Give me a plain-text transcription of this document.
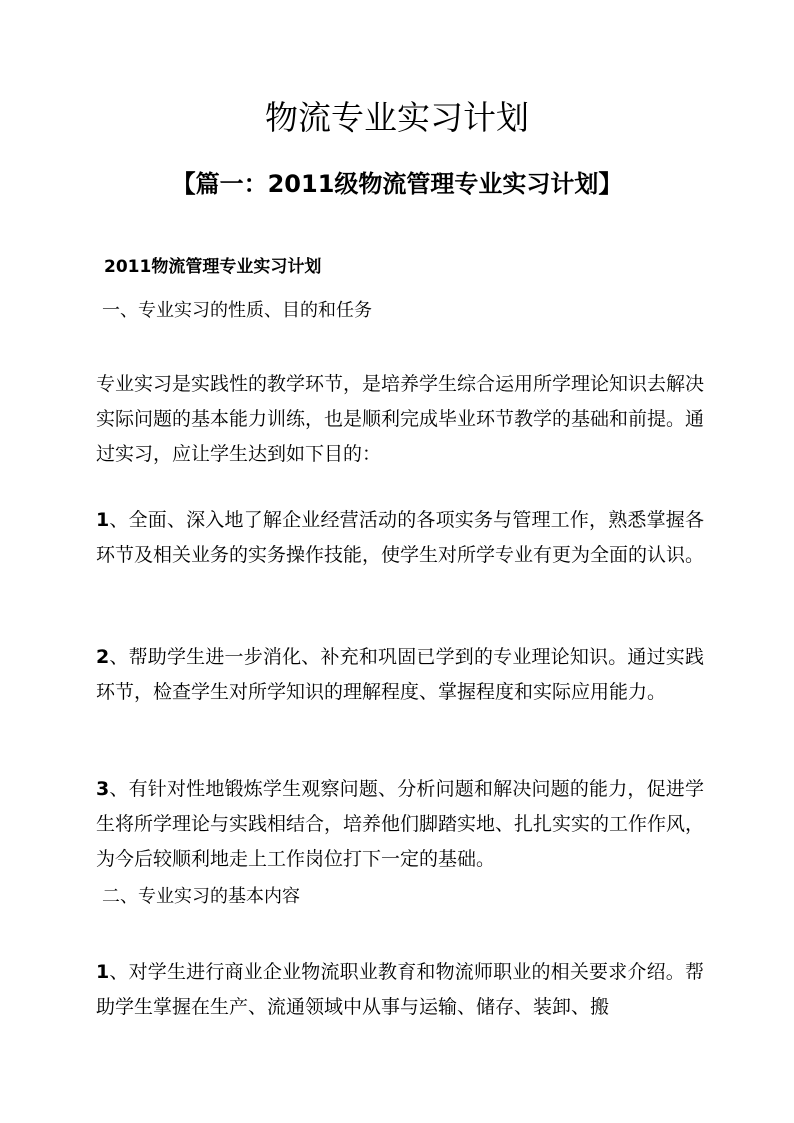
物流专业实习计划
【篇一：2011级物流管理专业实习计划】

2011物流管理专业实习计划

一、专业实习的性质、目的和任务

专业实习是实践性的教学环节，是培养学生综合运用所学理论知识去解决实际问题的基本能力训练，也是顺利完成毕业环节教学的基础和前提。通过实习，应让学生达到如下目的：

1、全面、深入地了解企业经营活动的各项实务与管理工作，熟悉掌握各环节及相关业务的实务操作技能，使学生对所学专业有更为全面的认识。

2、帮助学生进一步消化、补充和巩固已学到的专业理论知识。通过实践环节，检查学生对所学知识的理解程度、掌握程度和实际应用能力。

3、有针对性地锻炼学生观察问题、分析问题和解决问题的能力，促进学生将所学理论与实践相结合，培养他们脚踏实地、扎扎实实的工作作风，为今后较顺利地走上工作岗位打下一定的基础。

二、专业实习的基本内容

1、对学生进行商业企业物流职业教育和物流师职业的相关要求介绍。帮助学生掌握在生产、流通领域中从事与运输、储存、装卸、搬
